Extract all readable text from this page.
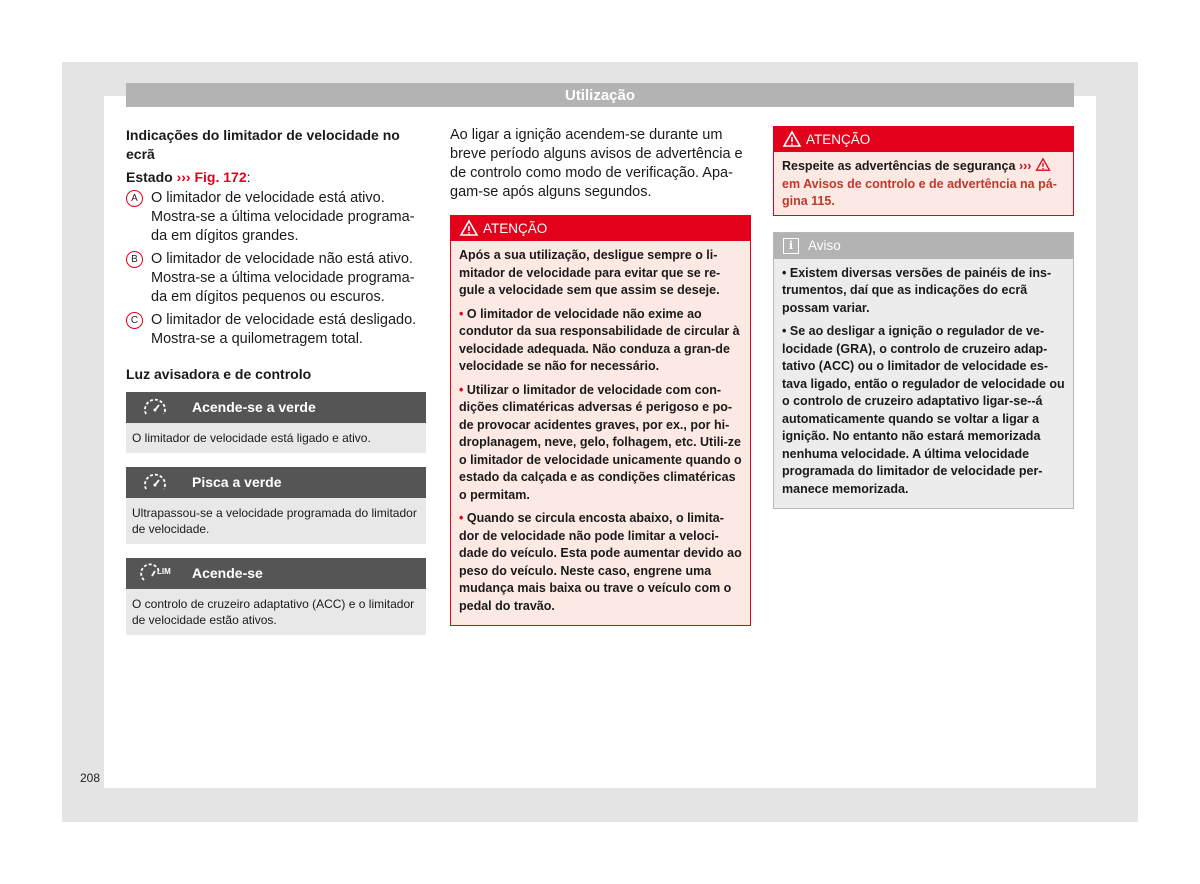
Utilização
Indicações do limitador de velocidade no ecrã
Estado ››› Fig. 172:
A O limitador de velocidade está ativo. Mostra-se a última velocidade programa-da em dígitos grandes.
B O limitador de velocidade não está ativo. Mostra-se a última velocidade programa-da em dígitos pequenos ou escuros.
C O limitador de velocidade está desligado. Mostra-se a quilometragem total.
Luz avisadora e de controlo
Acende-se a verde
O limitador de velocidade está ligado e ativo.
Pisca a verde
Ultrapassou-se a velocidade programada do limitador de velocidade.
LIM Acende-se
O controlo de cruzeiro adaptativo (ACC) e o limitador de velocidade estão ativos.

Ao ligar a ignição acendem-se durante um breve período alguns avisos de advertência e de controlo como modo de verificação. Apa-gam-se após alguns segundos.

ATENÇÃO
Após a sua utilização, desligue sempre o li-mitador de velocidade para evitar que se re-gule a velocidade sem que assim se deseje.
• O limitador de velocidade não exime ao condutor da sua responsabilidade de circular à velocidade adequada. Não conduza a gran-de velocidade se não for necessário.
• Utilizar o limitador de velocidade com con-dições climatéricas adversas é perigoso e po-de provocar acidentes graves, por ex., por hi-droplanagem, neve, gelo, folhagem, etc. Utili-ze o limitador de velocidade unicamente quando o estado da calçada e as condições climatéricas o permitam.
• Quando se circula encosta abaixo, o limita-dor de velocidade não pode limitar a veloci-dade do veículo. Esta pode aumentar devido ao peso do veículo. Neste caso, engrene uma mudança mais baixa ou trave o veículo com o pedal do travão.
ATENÇÃO
Respeite as advertências de segurança ›››  em Avisos de controlo e de advertência na pá-gina 115.
i	Aviso
• Existem diversas versões de painéis de ins-trumentos, daí que as indicações do ecrã possam variar.
• Se ao desligar a ignição o regulador de ve-locidade (GRA), o controlo de cruzeiro adap-tativo (ACC) ou o limitador de velocidade es-tava ligado, então o regulador de velocidade ou o controlo de cruzeiro adaptativo ligar-se--á automaticamente quando se voltar a ligar a ignição. No entanto não estará memorizada nenhuma velocidade. A última velocidade programada do limitador de velocidade per-manece memorizada.
208
